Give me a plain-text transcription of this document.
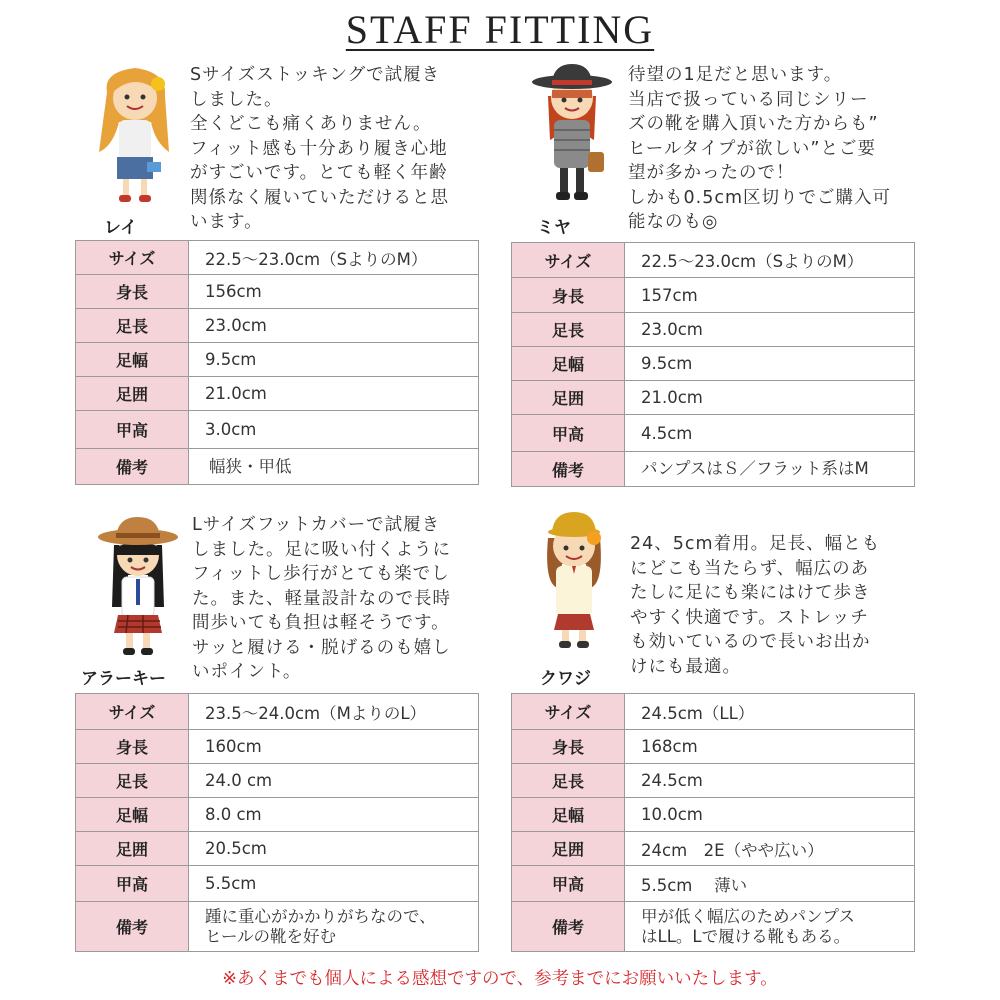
STAFF FITTING
レイ
Sサイズストッキングで試履き
しました。
全くどこも痛くありません。
フィット感も十分あり履き心地
がすごいです。とても軽く年齢
関係なく履いていただけると思
います。
サイズ	22.5〜23.0cm（SよりのM）
身長	156cm
足長	23.0cm
足幅	9.5cm
足囲	21.0cm
甲高	3.0cm
備考	幅狭・甲低
ミヤ
待望の1足だと思います。
当店で扱っている同じシリー
ズの靴を購入頂いた方からも”
ヒールタイプが欲しい”とご要
望が多かったので！
しかも0.5cm区切りでご購入可
能なのも◎
サイズ	22.5〜23.0cm（SよりのM）
身長	157cm
足長	23.0cm
足幅	9.5cm
足囲	21.0cm
甲高	4.5cm
備考	パンプスはＳ／フラット系はM
アラーキー
Lサイズフットカバーで試履き
しました。足に吸い付くように
フィットし歩行がとても楽でし
た。また、軽量設計なので長時
間歩いても負担は軽そうです。
サッと履ける・脱げるのも嬉し
いポイント。
サイズ	23.5〜24.0cm（MよりのL）
身長	160cm
足長	24.0 cm
足幅	8.0 cm
足囲	20.5cm
甲高	5.5cm
備考	踵に重心がかかりがちなので、
ヒールの靴を好む
クワジ
24、5cm着用。足長、幅とも
にどこも当たらず、幅広のあ
たしに足にも楽にはけて歩き
やすく快適です。ストレッチ
も効いているので長いお出か
けにも最適。
サイズ	24.5cm（LL）
身長	168cm
足長	24.5cm
足幅	10.0cm
足囲	24cm　2E（やや広い）
甲高	5.5cm　 薄い
備考	甲が低く幅広のためパンプス
はLL。Lで履ける靴もある。
※あくまでも個人による感想ですので、参考までにお願いいたします。
